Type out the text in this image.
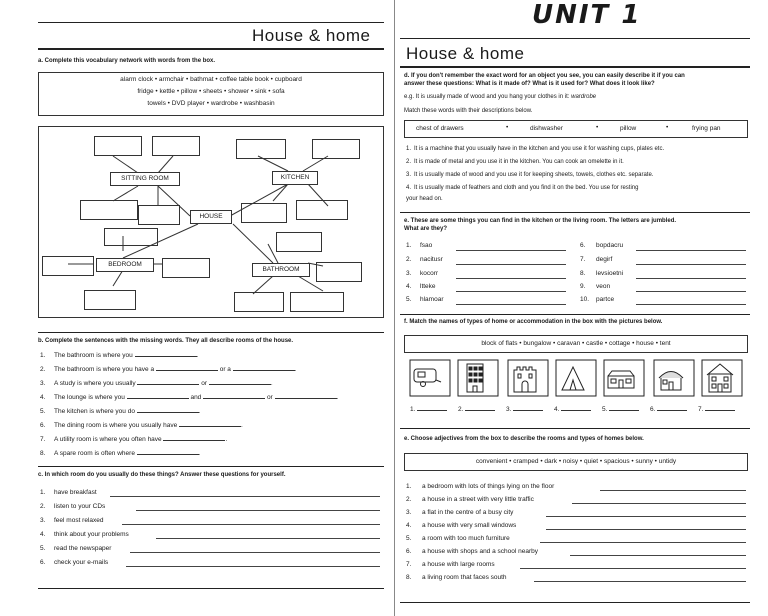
House & home
a. Complete this vocabulary network with words from the box.
alarm clock • armchair • bathmat • coffee table book • cupboard
fridge • kettle • pillow • sheets • shower • sink • sofa
towels • DVD player • wardrobe • washbasin
SITTING ROOM	KITCHEN
HOUSE
BEDROOM
BATHROOM
b. Complete the sentences with the missing words. They all describe rooms of the house.
1. The bathroom is where you	.
2. The bathroom is where you have a	or a	.
3. A study is where you usually	or	.
4. The lounge is where you	and	or	.
5. The kitchen is where you do	.
6. The dining room is where you usually have	.
7. A utility room is where you often have	.
8. A spare room is often where	.
c. In which room do you usually do these things? Answer these questions for yourself.
1. have breakfast
2. listen to your CDs
3. feel most relaxed
4. think about your problems
5. read the newspaper
6. check your e-mails
UNIT 1
House & home
d. If you don't remember the exact word for an object you see, you can easily describe it if you can
answer these questions: What is it made of? What is it used for? What does it look like?
e.g. It is usually made of wood and you hang your clothes in it: wardrobe
Match these words with their descriptions below.
chest of drawers	•	dishwasher	•	pillow	•	frying pan
1. It is a machine that you usually have in the kitchen and you use it for washing cups, plates etc.
2. It is made of metal and you use it in the kitchen. You can cook an omelette in it.
3. It is usually made of wood and you use it for keeping sheets, towels, clothes etc. separate.
4. It is usually made of feathers and cloth and you find it on the bed. You use for resting
your head on.
e. These are some things you can find in the kitchen or the living room. The letters are jumbled.
What are they?
1. fsao
2. nacitusr
3. kocorr
4. ltteke
5. hlamoar
6. bopdacru
7. degirf
8. levsioetni
9. veon
10. partce
f. Match the names of types of home or accommodation in the box with the pictures below.
block of flats • bungalow • caravan • castle • cottage • house • tent
1.	2.	3.	4.	5.	6.	7.
e. Choose adjectives from the box to describe the rooms and types of homes below.
convenient • cramped • dark • noisy • quiet • spacious • sunny • untidy
1. a bedroom with lots of things lying on the floor
2. a house in a street with very little traffic
3. a flat in the centre of a busy city
4. a house with very small windows
5. a room with too much furniture
6. a house with shops and a school nearby
7. a house with large rooms
8. a living room that faces south
